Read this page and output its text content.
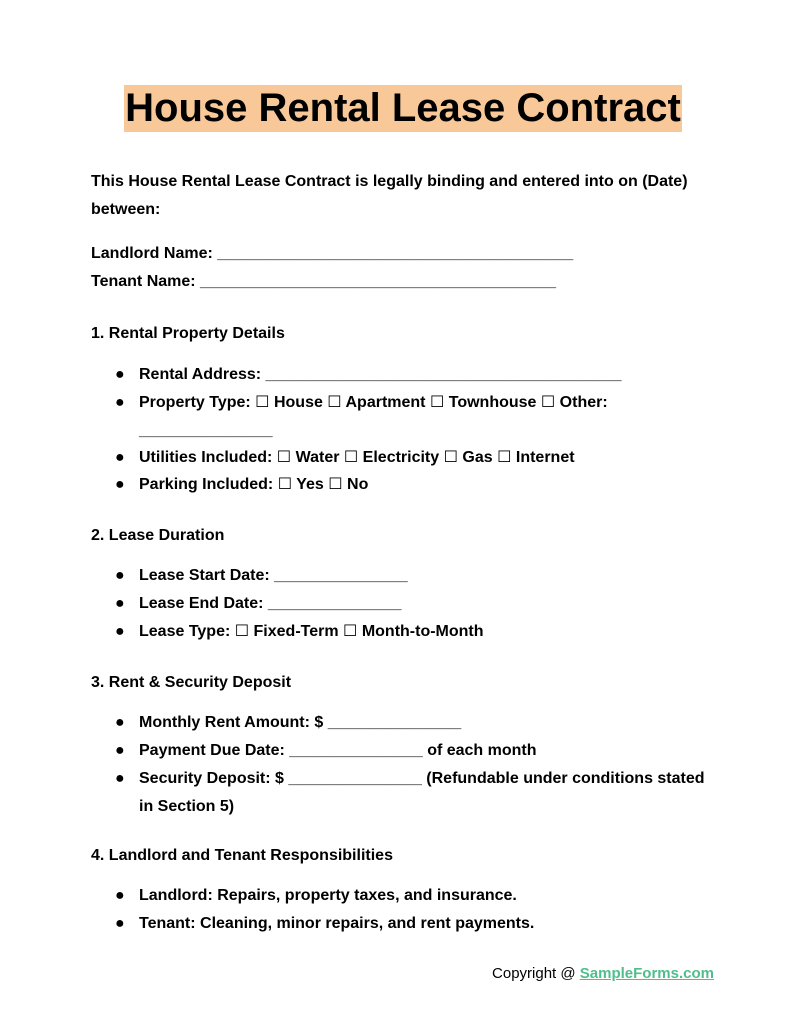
House Rental Lease Contract

This House Rental Lease Contract is legally binding and entered into on (Date) between:

Landlord Name: ________________________________________

Tenant Name: ________________________________________

1. Rental Property Details

● Rental Address: ________________________________________
● Property Type: ☐ House ☐ Apartment ☐ Townhouse ☐ Other: _______________
● Utilities Included: ☐ Water ☐ Electricity ☐ Gas ☐ Internet
● Parking Included: ☐ Yes ☐ No

2. Lease Duration

● Lease Start Date: _______________
● Lease End Date: _______________
● Lease Type: ☐ Fixed-Term ☐ Month-to-Month

3. Rent & Security Deposit

● Monthly Rent Amount: $ _______________
● Payment Due Date: _______________ of each month
● Security Deposit: $ _______________ (Refundable under conditions stated in Section 5)

4. Landlord and Tenant Responsibilities

● Landlord: Repairs, property taxes, and insurance.
● Tenant: Cleaning, minor repairs, and rent payments.
Copyright @ SampleForms.com
